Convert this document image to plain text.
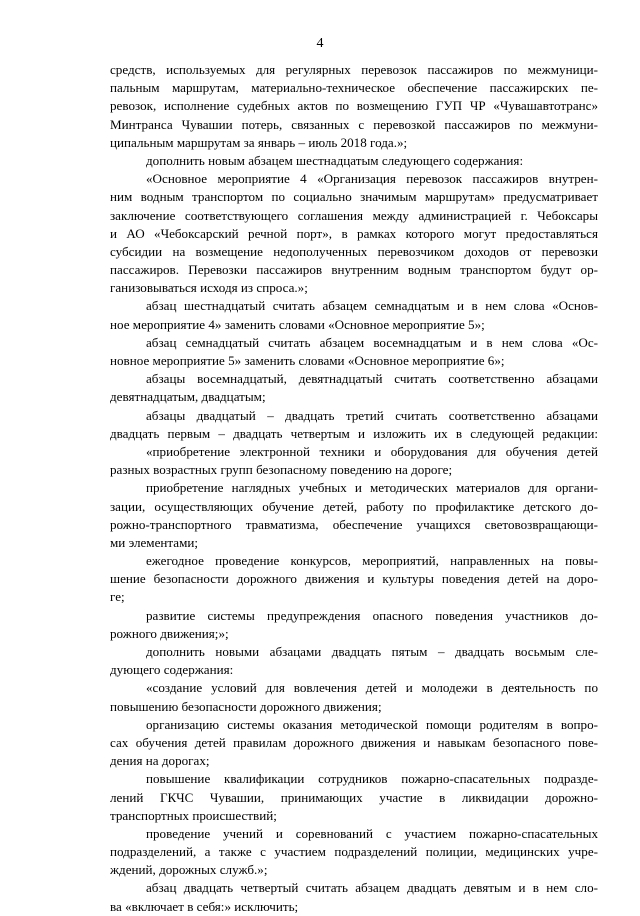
4
средств, используемых для регулярных перевозок пассажиров по межмуници-
пальным маршрутам, материально-техническое обеспечение пассажирских пе-
ревозок, исполнение судебных актов по возмещению ГУП ЧР «Чувашавтотранс»
Минтранса Чувашии потерь, связанных с перевозкой пассажиров по межмуни-
ципальным маршрутам за январь – июль 2018 года.»;
дополнить новым абзацем шестнадцатым следующего содержания:
«Основное мероприятие 4 «Организация перевозок пассажиров внутрен-
ним водным транспортом по социально значимым маршрутам» предусматривает
заключение соответствующего соглашения между администрацией г. Чебоксары
и АО «Чебоксарский речной порт», в рамках которого могут предоставляться
субсидии на возмещение недополученных перевозчиком доходов от перевозки
пассажиров. Перевозки пассажиров внутренним водным транспортом будут ор-
ганизовываться исходя из спроса.»;
абзац шестнадцатый считать абзацем семнадцатым и в нем слова «Основ-
ное мероприятие 4» заменить словами «Основное мероприятие 5»;
абзац семнадцатый считать абзацем восемнадцатым и в нем слова «Ос-
новное мероприятие 5» заменить словами «Основное мероприятие 6»;
абзацы восемнадцатый, девятнадцатый считать соответственно абзацами
девятнадцатым, двадцатым;
абзацы двадцатый – двадцать третий считать соответственно абзацами
двадцать первым – двадцать четвертым и изложить их в следующей редакции:
«приобретение электронной техники и оборудования для обучения детей
разных возрастных групп безопасному поведению на дороге;
приобретение наглядных учебных и методических материалов для органи-
зации, осуществляющих обучение детей, работу по профилактике детского до-
рожно-транспортного травматизма, обеспечение учащихся световозвращающи-
ми элементами;
ежегодное проведение конкурсов, мероприятий, направленных на повы-
шение безопасности дорожного движения и культуры поведения детей на доро-
ге;
развитие системы предупреждения опасного поведения участников до-
рожного движения;»;
дополнить новыми абзацами двадцать пятым – двадцать восьмым сле-
дующего содержания:
«создание условий для вовлечения детей и молодежи в деятельность по
повышению безопасности дорожного движения;
организацию системы оказания методической помощи родителям в вопро-
сах обучения детей правилам дорожного движения и навыкам безопасного пове-
дения на дорогах;
повышение квалификации сотрудников пожарно-спасательных подразде-
лений ГКЧС Чувашии, принимающих участие в ликвидации дорожно-
транспортных происшествий;
проведение учений и соревнований с участием пожарно-спасательных
подразделений, а также с участием подразделений полиции, медицинских учре-
ждений, дорожных служб.»;
абзац двадцать четвертый считать абзацем двадцать девятым и в нем сло-
ва «включает в себя:» исключить;
